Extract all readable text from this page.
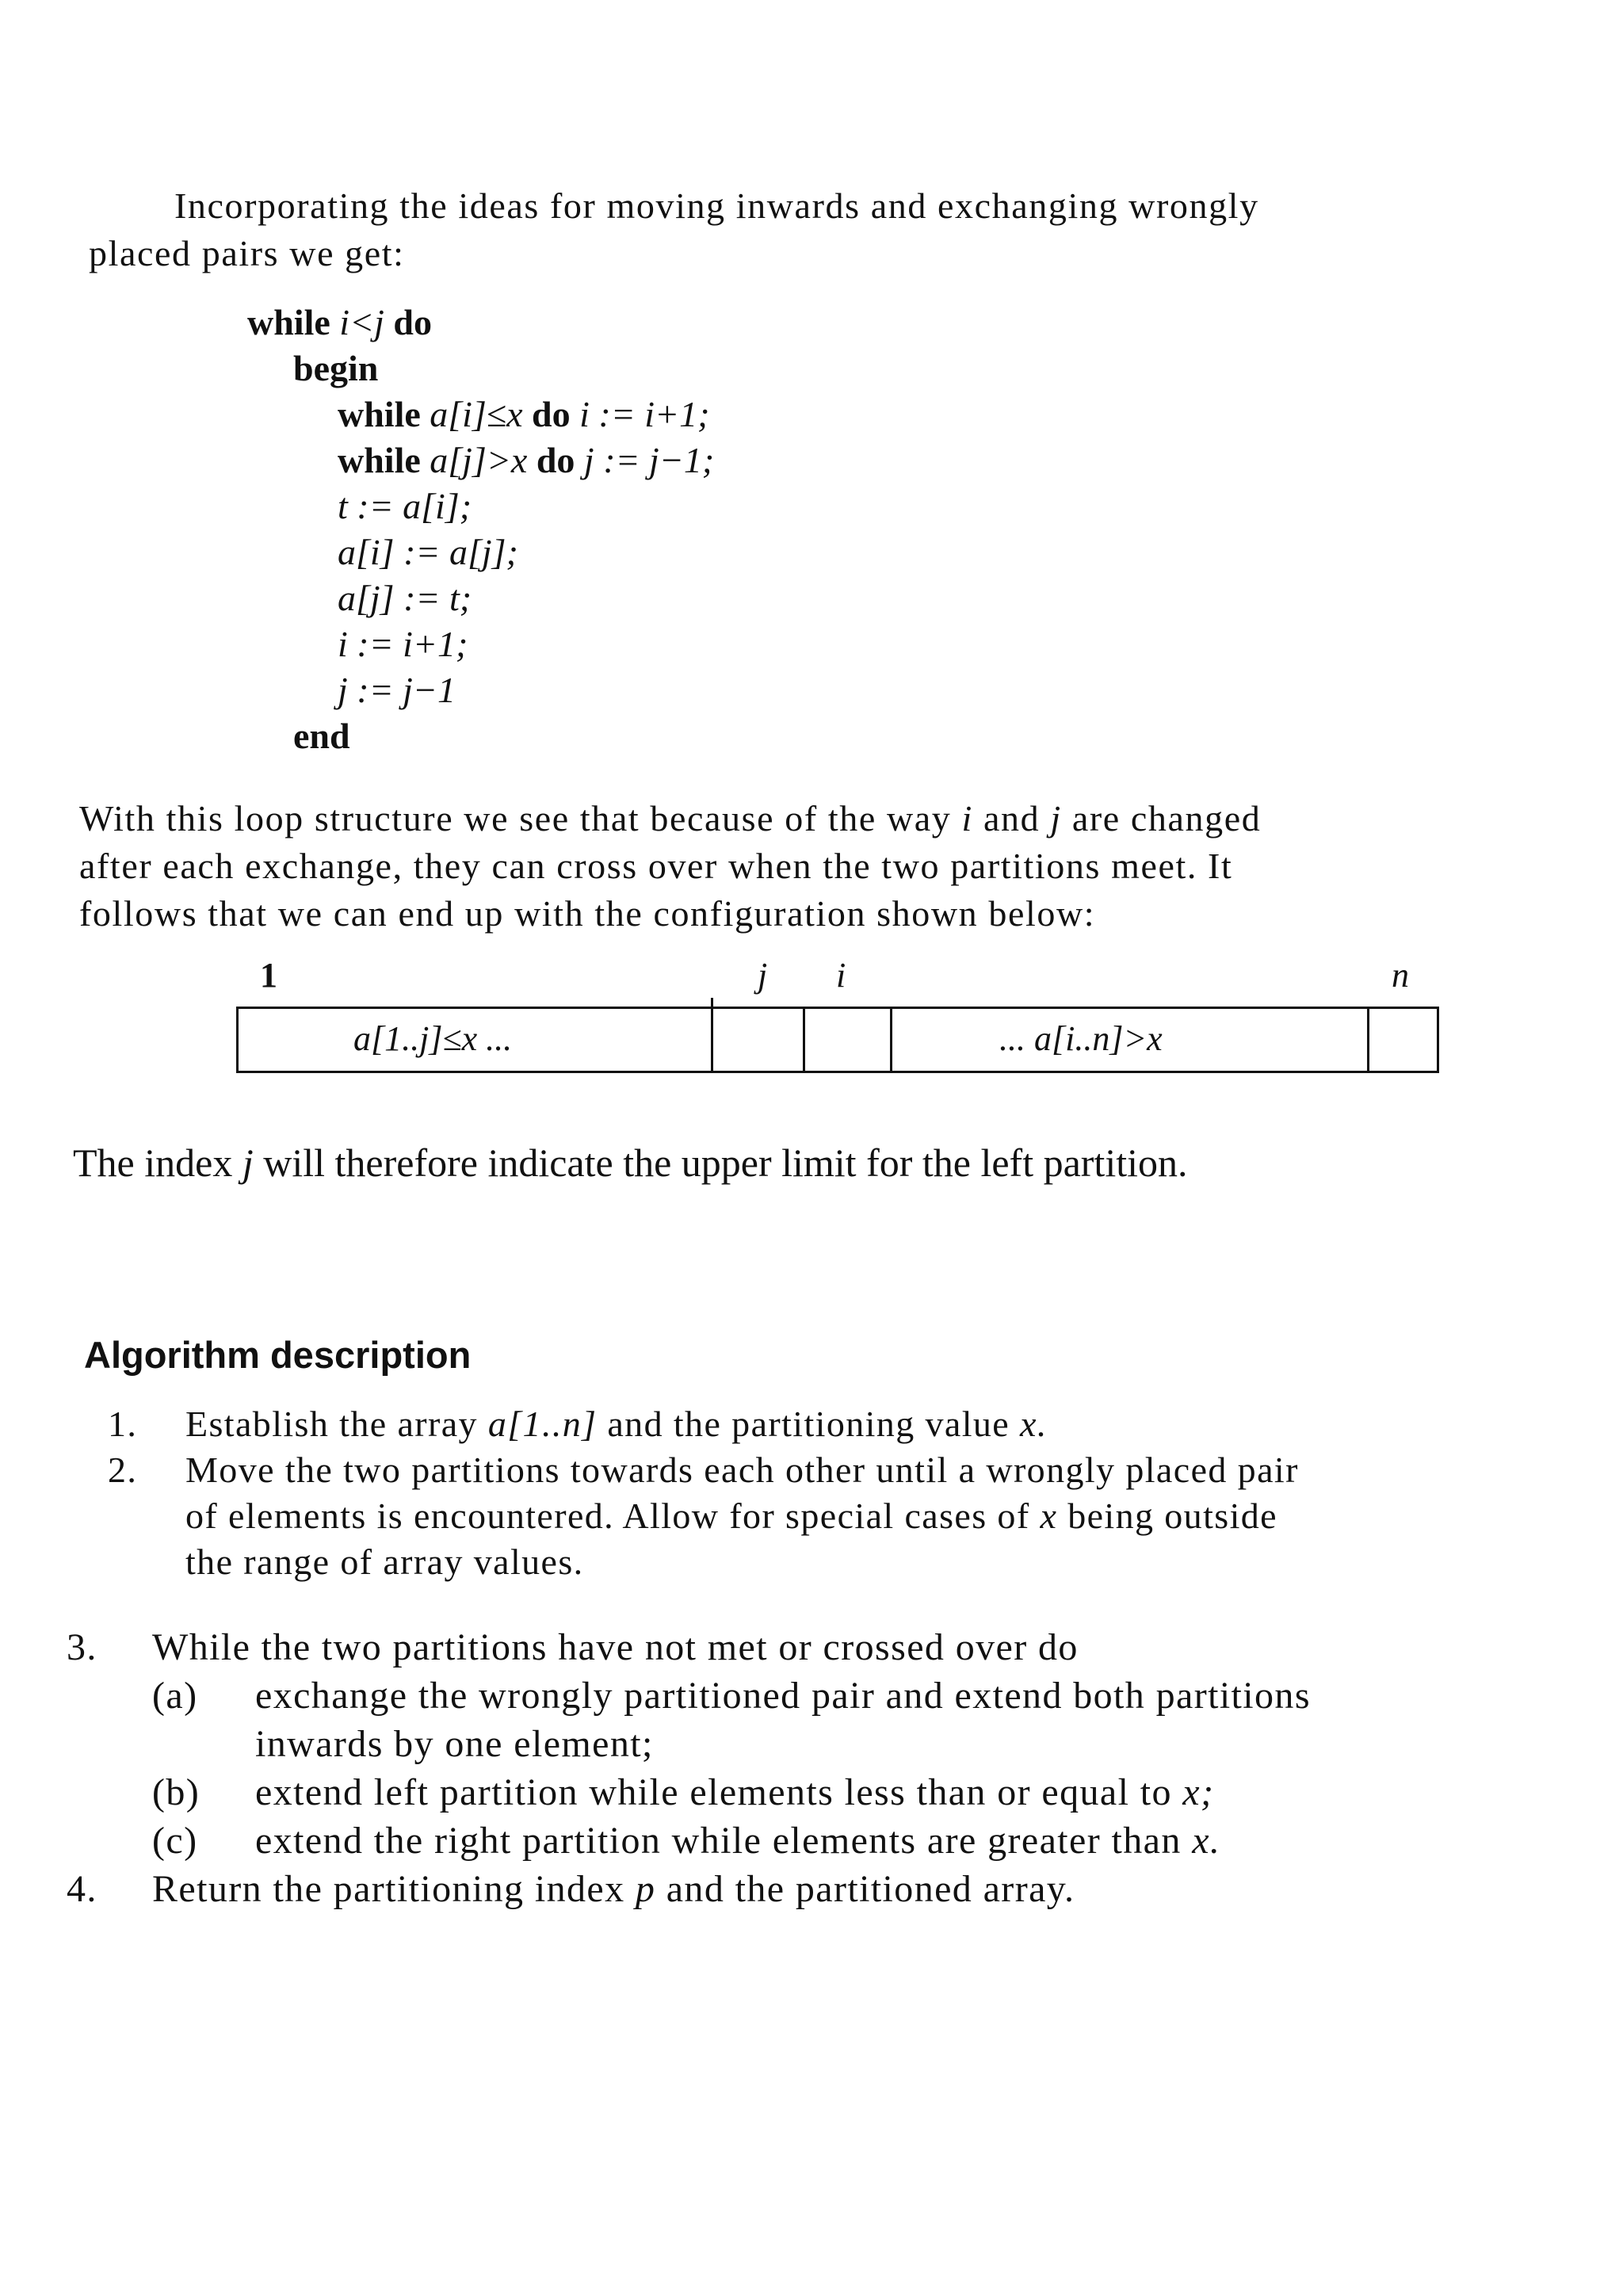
Incorporating the ideas for moving inwards and exchanging wrongly
placed pairs we get:
while i<j do
begin
while a[i]≤x do i := i+1;
while a[j]>x do j := j−1;
t := a[i];
a[i] := a[j];
a[j] := t;
i := i+1;
j := j−1
end
With this loop structure we see that because of the way i and j are changed
after each exchange, they can cross over when the two partitions meet. It
follows that we can end up with the configuration shown below:
1	j i	n
a[1..j]≤x ...	... a[i..n]>x
The index j will therefore indicate the upper limit for the left partition.
Algorithm description
1. Establish the array a[1..n] and the partitioning value x.
2. Move the two partitions towards each other until a wrongly placed pair
of elements is encountered. Allow for special cases of x being outside
the range of array values.
3. While the two partitions have not met or crossed over do
(a) exchange the wrongly partitioned pair and extend both partitions
inwards by one element;
(b) extend left partition while elements less than or equal to x;
(c) extend the right partition while elements are greater than x.
4. Return the partitioning index p and the partitioned array.
